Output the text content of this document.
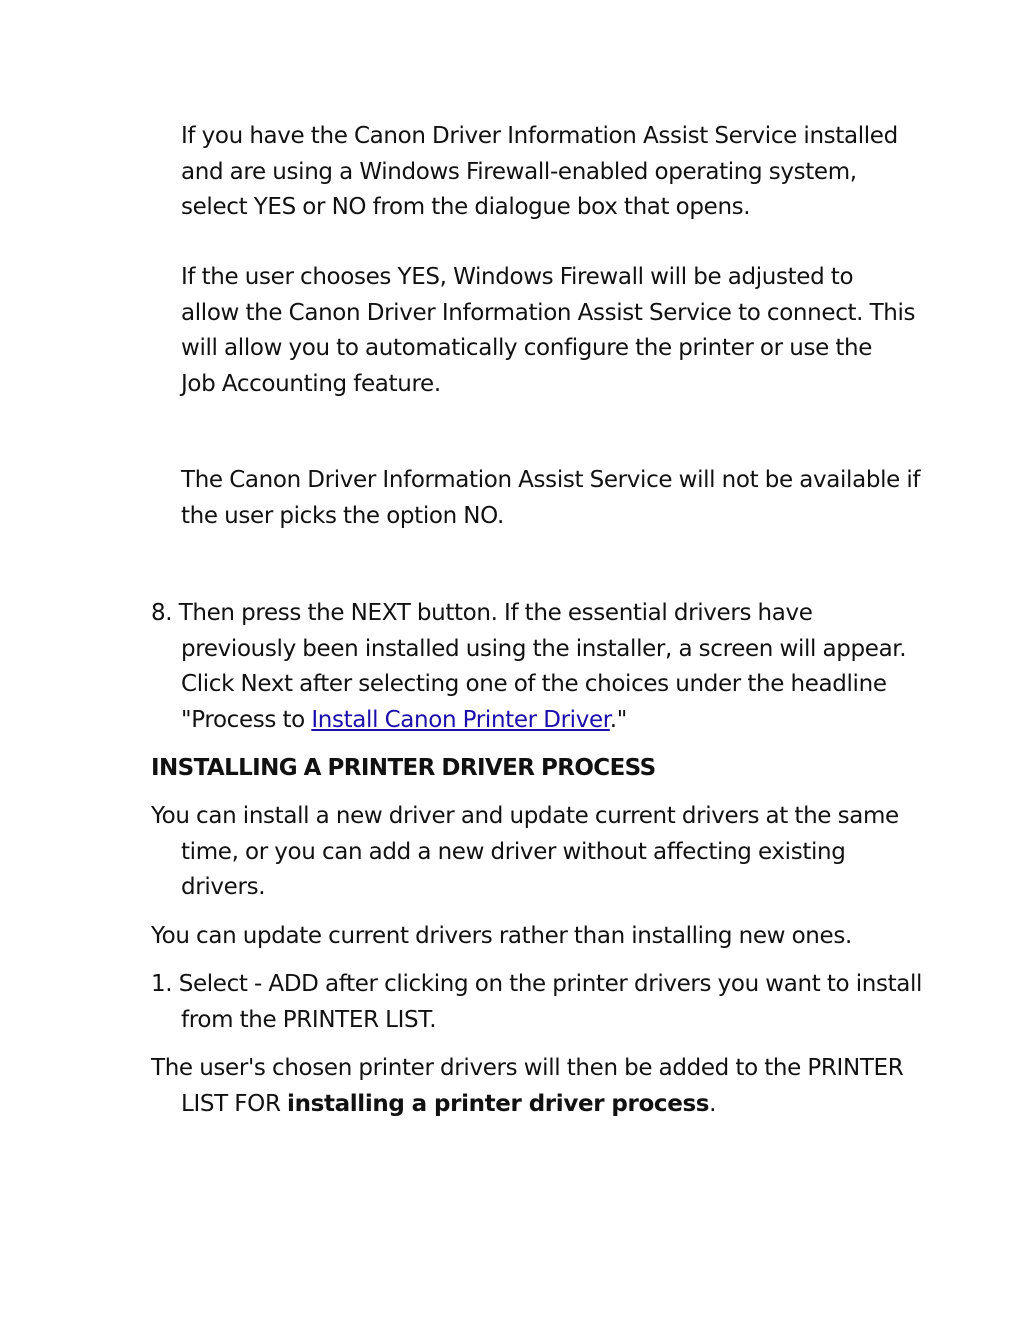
If you have the Canon Driver Information Assist Service installed
and are using a Windows Firewall-enabled operating system,
select YES or NO from the dialogue box that opens.

If the user chooses YES, Windows Firewall will be adjusted to
allow the Canon Driver Information Assist Service to connect. This
will allow you to automatically configure the printer or use the
Job Accounting feature.

The Canon Driver Information Assist Service will not be available if
the user picks the option NO.

8. Then press the NEXT button. If the essential drivers have
previously been installed using the installer, a screen will appear.
Click Next after selecting one of the choices under the headline
"Process to Install Canon Printer Driver."

INSTALLING A PRINTER DRIVER PROCESS

You can install a new driver and update current drivers at the same
time, or you can add a new driver without affecting existing
drivers.

You can update current drivers rather than installing new ones.

1. Select - ADD after clicking on the printer drivers you want to install
from the PRINTER LIST.

The user's chosen printer drivers will then be added to the PRINTER
LIST FOR installing a printer driver process.
